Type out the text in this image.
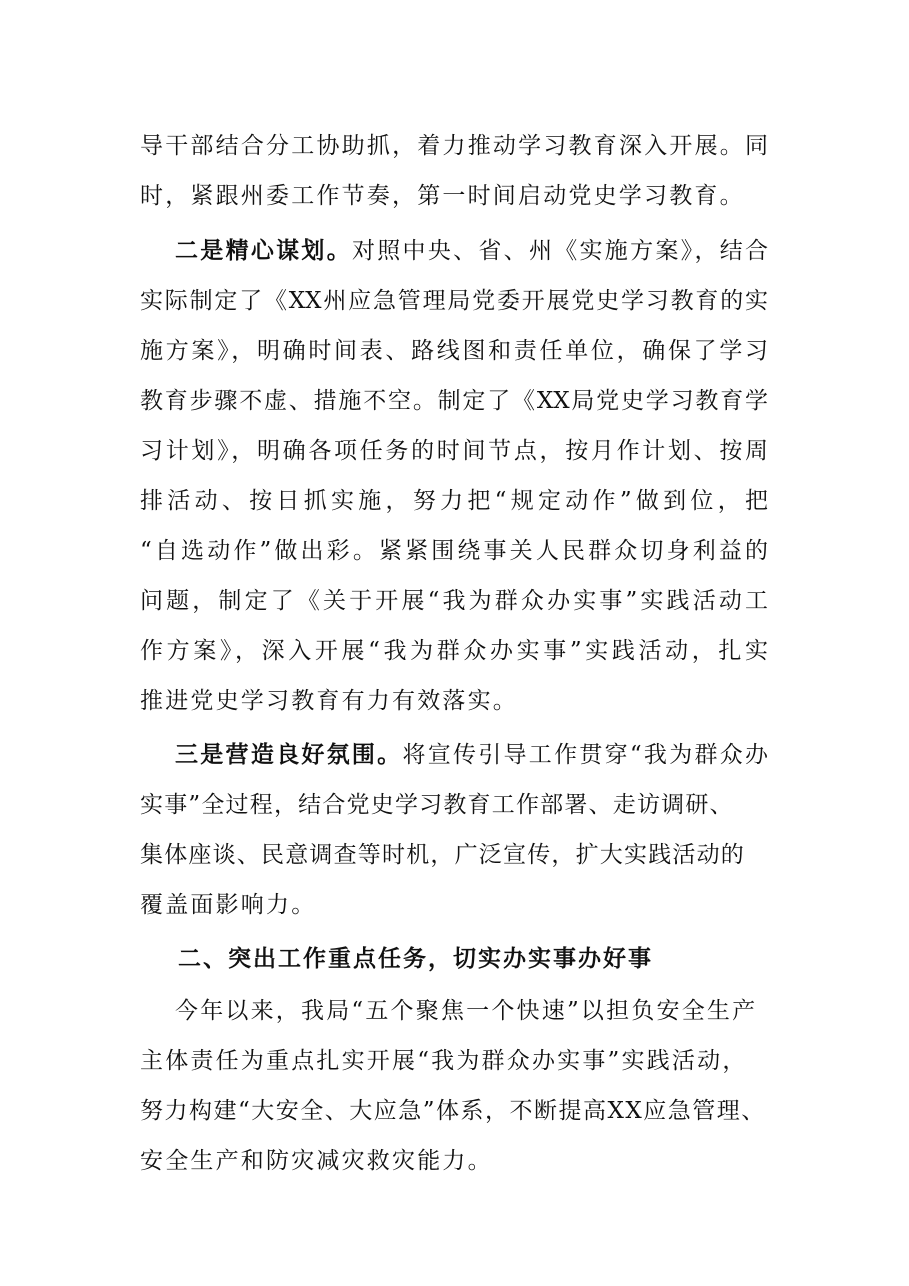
导干部结合分工协助抓，着力推动学习教育深入开展。同
时，紧跟州委工作节奏，第一时间启动党史学习教育。
二是精心谋划。对照中央、省、州《实施方案》，结合
实际制定了《XX州应急管理局党委开展党史学习教育的实
施方案》，明确时间表、路线图和责任单位，确保了学习
教育步骤不虚、措施不空。制定了《XX局党史学习教育学
习计划》，明确各项任务的时间节点，按月作计划、按周
排活动、按日抓实施，努力把“规定动作”做到位，把
“自选动作”做出彩。紧紧围绕事关人民群众切身利益的
问题，制定了《关于开展“我为群众办实事”实践活动工
作方案》，深入开展“我为群众办实事”实践活动，扎实
推进党史学习教育有力有效落实。
三是营造良好氛围。将宣传引导工作贯穿“我为群众办
实事”全过程，结合党史学习教育工作部署、走访调研、
集体座谈、民意调查等时机，广泛宣传，扩大实践活动的
覆盖面影响力。
二、突出工作重点任务，切实办实事办好事
今年以来，我局“五个聚焦一个快速”以担负安全生产
主体责任为重点扎实开展“我为群众办实事”实践活动，
努力构建“大安全、大应急”体系，不断提高XX应急管理、
安全生产和防灾减灾救灾能力。
